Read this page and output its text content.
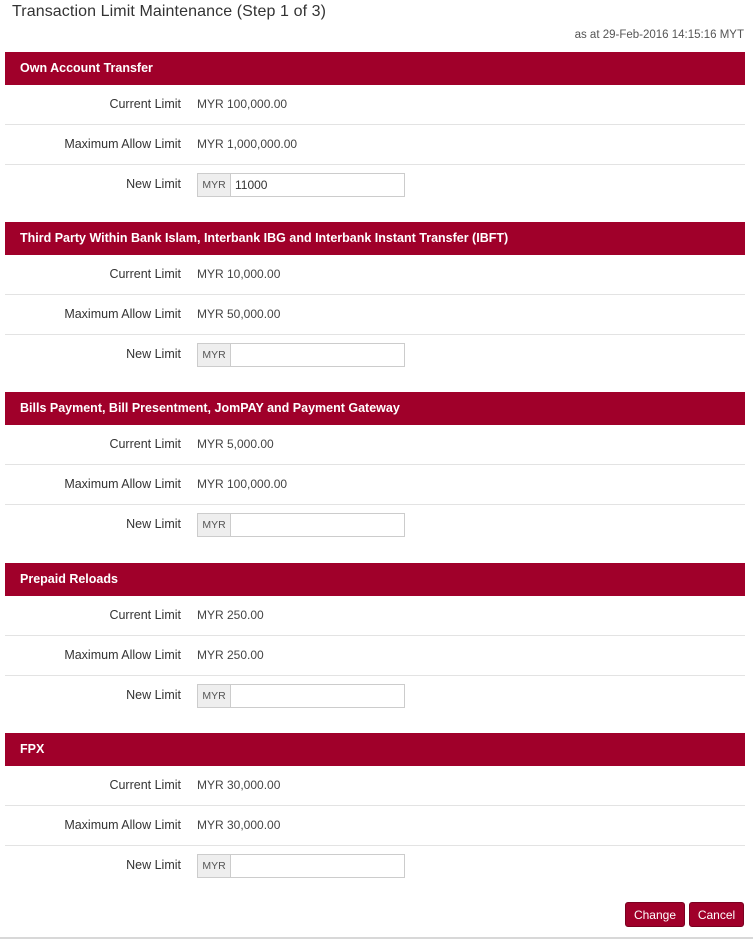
Transaction Limit Maintenance (Step 1 of 3)
as at 29-Feb-2016 14:15:16 MYT
Own Account Transfer
Current Limit MYR 100,000.00
Maximum Allow Limit MYR 1,000,000.00
New Limit	MYR
11000
Third Party Within Bank Islam, Interbank IBG and Interbank Instant Transfer (IBFT)
Current Limit MYR 10,000.00
Maximum Allow Limit MYR 50,000.00
New Limit	MYR
Bills Payment, Bill Presentment, JomPAY and Payment Gateway
Current Limit MYR 5,000.00
Maximum Allow Limit MYR 100,000.00
New Limit	MYR
Prepaid Reloads
Current Limit MYR 250.00
Maximum Allow Limit MYR 250.00
New Limit	MYR
FPX
Current Limit MYR 30,000.00
Maximum Allow Limit MYR 30,000.00
New Limit	MYR
Change	Cancel
